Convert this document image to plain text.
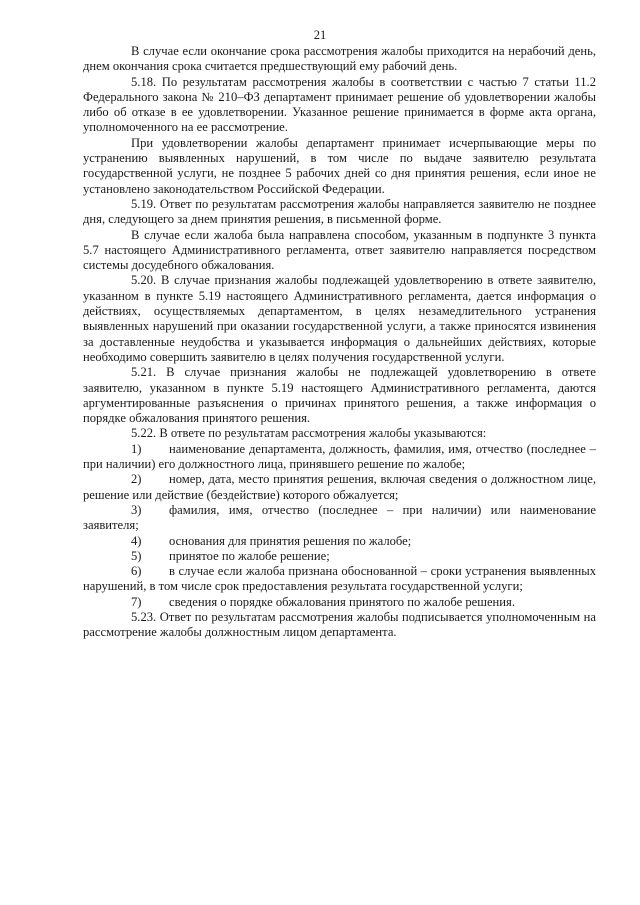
21

В случае если окончание срока рассмотрения жалобы приходится на нерабочий день, днем окончания срока считается предшествующий ему рабочий день.

5.18. По результатам рассмотрения жалобы в соответствии с частью 7 статьи 11.2 Федерального закона № 210–ФЗ департамент принимает решение об удовлетворении жалобы либо об отказе в ее удовлетворении. Указанное решение принимается в форме акта органа, уполномоченного на ее рассмотрение.

При удовлетворении жалобы департамент принимает исчерпывающие меры по устранению выявленных нарушений, в том числе по выдаче заявителю результата государственной услуги, не позднее 5 рабочих дней со дня принятия решения, если иное не установлено законодательством Российской Федерации.

5.19. Ответ по результатам рассмотрения жалобы направляется заявителю не позднее дня, следующего за днем принятия решения, в письменной форме.

В случае если жалоба была направлена способом, указанным в подпункте 3 пункта 5.7 настоящего Административного регламента, ответ заявителю направляется посредством системы досудебного обжалования.

5.20. В случае признания жалобы подлежащей удовлетворению в ответе заявителю, указанном в пункте 5.19 настоящего Административного регламента, дается информация о действиях, осуществляемых департаментом, в целях незамедлительного устранения выявленных нарушений при оказании государственной услуги, а также приносятся извинения за доставленные неудобства и указывается информация о дальнейших действиях, которые необходимо совершить заявителю в целях получения государственной услуги.

5.21. В случае признания жалобы не подлежащей удовлетворению в ответе заявителю, указанном в пункте 5.19 настоящего Административного регламента, даются аргументированные разъяснения о причинах принятого решения, а также информация о порядке обжалования принятого решения.

5.22. В ответе по результатам рассмотрения жалобы указываются:

1) наименование департамента, должность, фамилия, имя, отчество (последнее – при наличии) его должностного лица, принявшего решение по жалобе;
2) номер, дата, место принятия решения, включая сведения о должностном лице, решение или действие (бездействие) которого обжалуется;
3) фамилия, имя, отчество (последнее – при наличии) или наименование заявителя;
4) основания для принятия решения по жалобе;
5) принятое по жалобе решение;
6) в случае если жалоба признана обоснованной – сроки устранения выявленных нарушений, в том числе срок предоставления результата государственной услуги;
7) сведения о порядке обжалования принятого по жалобе решения.

5.23. Ответ по результатам рассмотрения жалобы подписывается уполномоченным на рассмотрение жалобы должностным лицом департамента.
